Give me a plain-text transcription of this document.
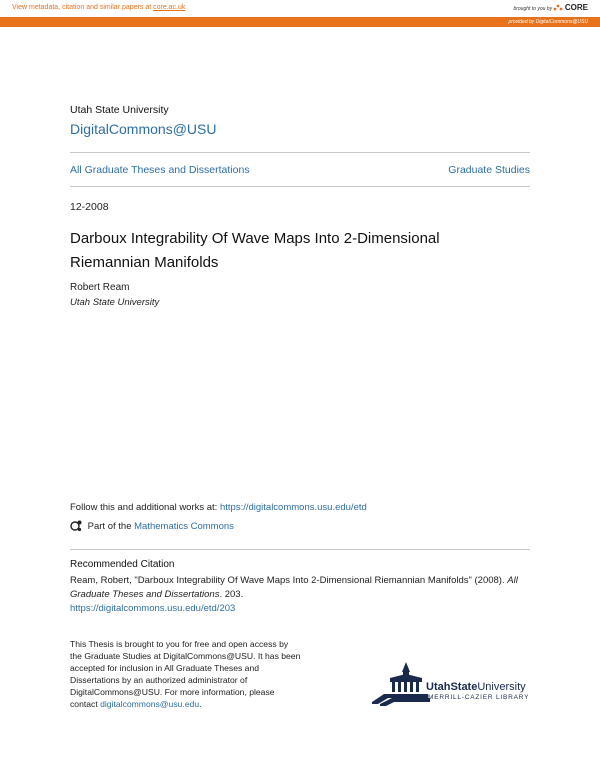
View metadata, citation and similar papers at core.ac.uk	brought to you by CORE
provided by DigitalCommons@USU
Utah State University
DigitalCommons@USU
All Graduate Theses and Dissertations	Graduate Studies
12-2008
Darboux Integrability Of Wave Maps Into 2-Dimensional Riemannian Manifolds
Robert Ream
Utah State University
Follow this and additional works at: https://digitalcommons.usu.edu/etd
Part of the Mathematics Commons
Recommended Citation
Ream, Robert, "Darboux Integrability Of Wave Maps Into 2-Dimensional Riemannian Manifolds" (2008). All Graduate Theses and Dissertations. 203.
https://digitalcommons.usu.edu/etd/203
This Thesis is brought to you for free and open access by the Graduate Studies at DigitalCommons@USU. It has been accepted for inclusion in All Graduate Theses and Dissertations by an authorized administrator of DigitalCommons@USU. For more information, please contact digitalcommons@usu.edu.
UtahStateUniversity
MERRILL-CAZIER LIBRARY
